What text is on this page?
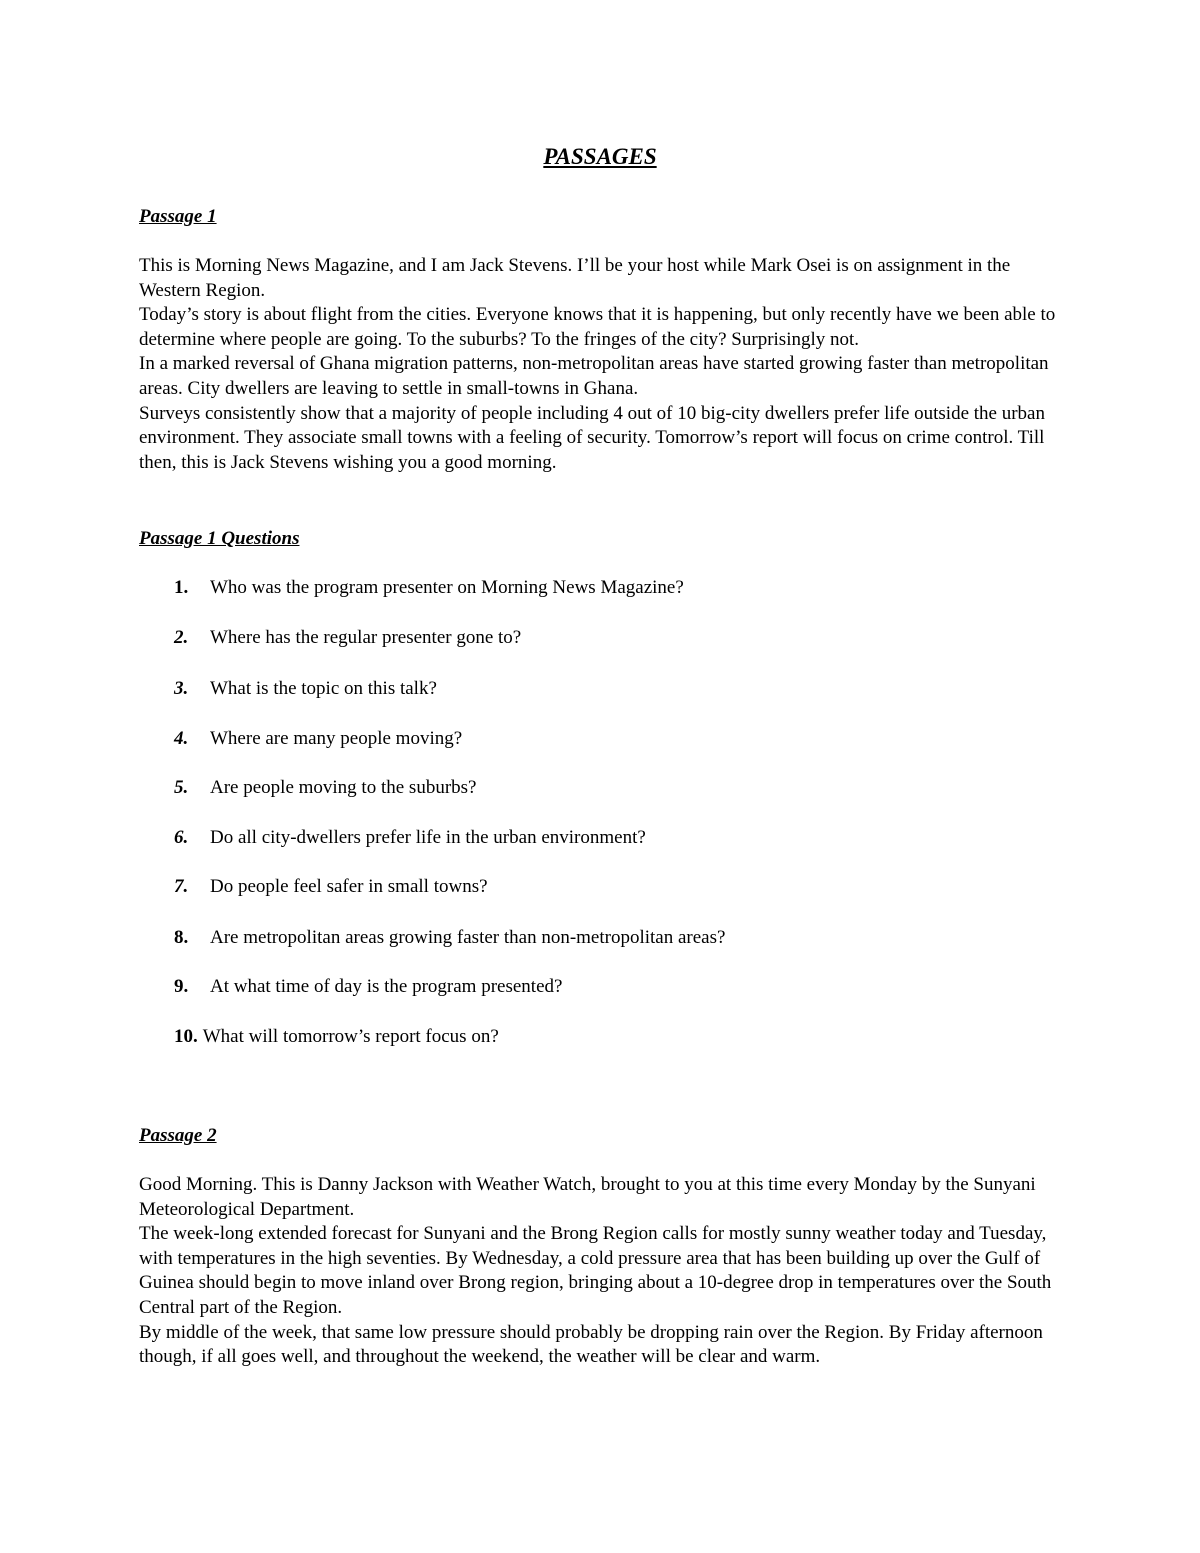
PASSAGES
Passage 1

This is Morning News Magazine, and I am Jack Stevens. I’ll be your host while Mark Osei is on assignment in the Western Region.

Today’s story is about flight from the cities. Everyone knows that it is happening, but only recently have we been able to determine where people are going. To the suburbs? To the fringes of the city? Surprisingly not.

In a marked reversal of Ghana migration patterns, non-metropolitan areas have started growing faster than metropolitan areas. City dwellers are leaving to settle in small-towns in Ghana.

Surveys consistently show that a majority of people including 4 out of 10 big-city dwellers prefer life outside the urban environment. They associate small towns with a feeling of security. Tomorrow’s report will focus on crime control. Till then, this is Jack Stevens wishing you a good morning.

Passage 1 Questions
1. Who was the program presenter on Morning News Magazine?
2. Where has the regular presenter gone to?
3. What is the topic on this talk?
4. Where are many people moving?
5. Are people moving to the suburbs?
6. Do all city-dwellers prefer life in the urban environment?
7. Do people feel safer in small towns?
8. Are metropolitan areas growing faster than non-metropolitan areas?
9. At what time of day is the program presented?
10. What will tomorrow’s report focus on?
Passage 2

Good Morning. This is Danny Jackson with Weather Watch, brought to you at this time every Monday by the Sunyani Meteorological Department.

The week-long extended forecast for Sunyani and the Brong Region calls for mostly sunny weather today and Tuesday, with temperatures in the high seventies. By Wednesday, a cold pressure area that has been building up over the Gulf of Guinea should begin to move inland over Brong region, bringing about a 10-degree drop in temperatures over the South Central part of the Region.

By middle of the week, that same low pressure should probably be dropping rain over the Region. By Friday afternoon though, if all goes well, and throughout the weekend, the weather will be clear and warm.
